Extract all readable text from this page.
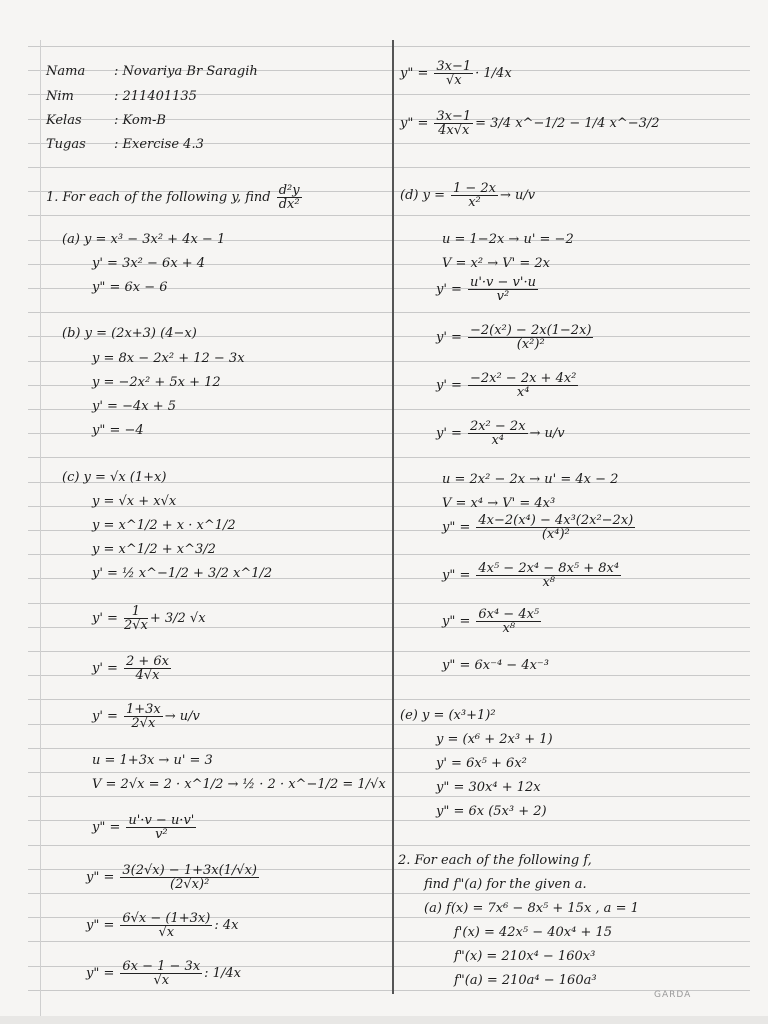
Nama : Novariya Br Saragih
Nim	: 211401135
Kelas : Kom-B
Tugas : Exercise 4.3
1. For each of the following y, find $\frac{\text{d²y}}{\text{dx²}}$
(a) y = x³ − 3x² + 4x − 1
y' = 3x² − 6x + 4
y" = 6x − 6
(b) y = (2x+3) (4−x)
y = 8x − 2x² + 12 − 3x
y = −2x² + 5x + 12
y' = −4x + 5
y" = −4
(c) y = √x (1+x)
y = √x + x√x
y = x^1/2 + x · x^1/2
y = x^1/2 + x^3/2
y' = ½ x^−1/2 + 3/2 x^1/2
$y' = \frac{1}{2√x} + 3/2$ √x
$y' = \frac{2 + 6x}{4√x}$
$y' = \frac{1+3x}{2√x} \to u/v$
u = 1+3x → u' = 3
V = 2√x = 2 · x^1/2 → ½ · 2 · x^−1/2 = 1/√x
y" = $\frac{u'\cdot v - u\cdot v'}{\text{v²}}$
y" = $\frac{3(2√x) - 1+3x(1/√x)}{\text{(2√x)²}}$
y" = $\frac{6√x - (1+3x)}{√x}$ : 4x
y" = $\frac{6x - 1 - 3x}{√x}$ : 1/4x
y" = $\frac{3x-1}{√x} \cdot 1/4x$
y" = $\frac{3x-1}{4x√x} = 3/4$ x^−1/2 − 1/4 x^−3/2
(d) $y = \frac{1 - 2x}{\text{x²}} \to u/v$
u = 1−2x → u' = −2
V = x² → V' = 2x
$y' = \frac{u'\cdot v - v'\cdot u}{\text{v²}}$
$y' = \frac{\text{−2(x²) − 2x(1−2x)}}{\text{(x²)²}}$
$y' = \frac{\text{−2x² − 2x + 4x²}}{\text{x⁴}}$
$y' = \frac{\text{2x² − 2x}}{\text{x⁴}} \to u/v$
u = 2x² − 2x → u' = 4x − 2
V = x⁴ → V' = 4x³
y" = $\frac{\text{4x−2(x⁴) − 4x³(2x²−2x)}}{\text{(x⁴)²}}$
y" = $\frac{\text{4x⁵ − 2x⁴ − 8x⁵ + 8x⁴}}{\text{x⁸}}$
y" = $\frac{\text{6x⁴ − 4x⁵}}{\text{x⁸}}$
y" = 6x⁻⁴ − 4x⁻³
(e) y = (x³+1)²
y = (x⁶ + 2x³ + 1)
y' = 6x⁵ + 6x²
y" = 30x⁴ + 12x
y" = 6x (5x³ + 2)
2. For each of the following f,
find f"(a) for the given a.
(a) f(x) = 7x⁶ − 8x⁵ + 15x , a = 1
f'(x) = 42x⁵ − 40x⁴ + 15
f"(x) = 210x⁴ − 160x³
f"(a) = 210a⁴ − 160a³
GARDA
